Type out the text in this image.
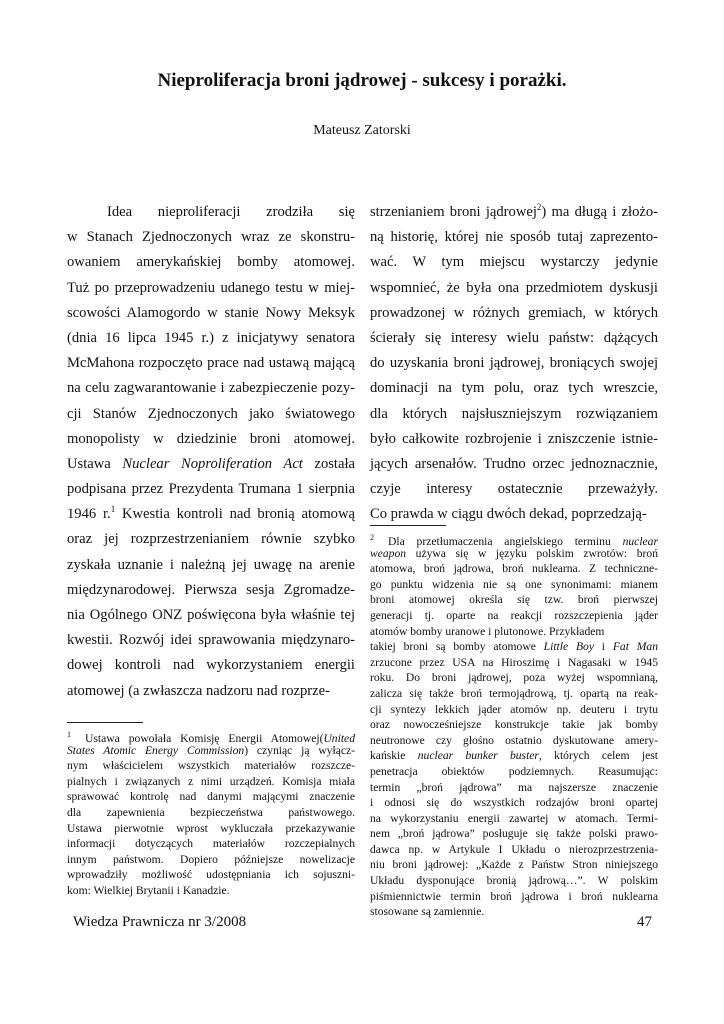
Nieproliferacja broni jądrowej - sukcesy i porażki.

Mateusz Zatorski

Idea nieproliferacji zrodziła się
w Stanach Zjednoczonych wraz ze skonstru-
owaniem amerykańskiej bomby atomowej.
Tuż po przeprowadzeniu udanego testu w miej-
scowości Alamogordo w stanie Nowy Meksyk
(dnia 16 lipca 1945 r.) z inicjatywy senatora
McMahona rozpoczęto prace nad ustawą mającą
na celu zagwarantowanie i zabezpieczenie pozy-
cji Stanów Zjednoczonych jako światowego
monopolisty w dziedzinie broni atomowej.
Ustawa Nuclear Noproliferation Act została
podpisana przez Prezydenta Trumana 1 sierpnia
1946 r.$^1$ Kwestia kontroli nad bronią atomową
oraz jej rozprzestrzenianiem równie szybko
zyskała uznanie i należną jej uwagę na arenie
międzynarodowej. Pierwsza sesja Zgromadze-
nia Ogólnego ONZ poświęcona była właśnie tej
kwestii. Rozwój idei sprawowania międzynaro-
dowej kontroli nad wykorzystaniem energii
atomowej (a zwłaszcza nadzoru nad rozprze-
strzenianiem broni jądrowej$^2$) ma długą i złożo-
ną historię, której nie sposób tutaj zaprezento-
wać. W tym miejscu wystarczy jedynie
wspomnieć, że była ona przedmiotem dyskusji
prowadzonej w różnych gremiach, w których
ścierały się interesy wielu państw: dążących
do uzyskania broni jądrowej, broniących swojej
dominacji na tym polu, oraz tych wreszcie,
dla których najsłuszniejszym rozwiązaniem
było całkowite rozbrojenie i zniszczenie istnie-
jących arsenałów. Trudno orzec jednoznacznie,
czyje interesy ostatecznie przeważyły.
Co prawda w ciągu dwóch dekad, poprzedzają-
$^1$ Ustawa powołała Komisję Energii Atomowej(United
States Atomic Energy Commission) czyniąc ją wyłącz-
nym właścicielem wszystkich materiałów rozszcze-
pialnych i związanych z nimi urządzeń. Komisja miała
sprawować kontrolę nad danymi mającymi znaczenie
dla zapewnienia bezpieczeństwa państwowego.
Ustawa pierwotnie wprost wykluczała przekazywanie
informacji dotyczących materiałów rozczepialnych
innym państwom. Dopiero późniejsze nowelizacje
wprowadziły możliwość udostępniania ich sojuszni-
kom: Wielkiej Brytanii i Kanadzie.
$^2$ Dla przetłumaczenia angielskiego terminu nuclear
weapon używa się w języku polskim zwrotów: broń
atomowa, broń jądrowa, broń nuklearna. Z techniczne-
go punktu widzenia nie są one synonimami: mianem
broni atomowej określa się tzw. broń pierwszej
generacji tj. oparte na reakcji rozszczepienia jąder
atomów bomby uranowe i plutonowe. Przykładem
takiej broni są bomby atomowe Little Boy i Fat Man
zrzucone przez USA na Hiroszimę i Nagasaki w 1945
roku. Do broni jądrowej, poza wyżej wspomnianą,
zalicza się także broń termojądrową, tj. opartą na reak-
cji syntezy lekkich jąder atomów np. deuteru i trytu
oraz nowocześniejsze konstrukcje takie jak bomby
neutronowe czy głośno ostatnio dyskutowane amery-
kańskie nuclear bunker buster, których celem jest
penetracja obiektów podziemnych. Reasumując:
termin „broń jądrowa” ma najszersze znaczenie
i odnosi się do wszystkich rodzajów broni opartej
na wykorzystaniu energii zawartej w atomach. Termi-
nem „broń jądrowa” posługuje się także polski prawo-
dawca np. w Artykule I Układu o nierozprzestrzenia-
niu broni jądrowej: „Każde z Państw Stron niniejszego
Układu dysponujące bronią jądrową…”. W polskim
piśmiennictwie termin broń jądrowa i broń nuklearna
stosowane są zamiennie.
Wiedza Prawnicza nr 3/2008	47
